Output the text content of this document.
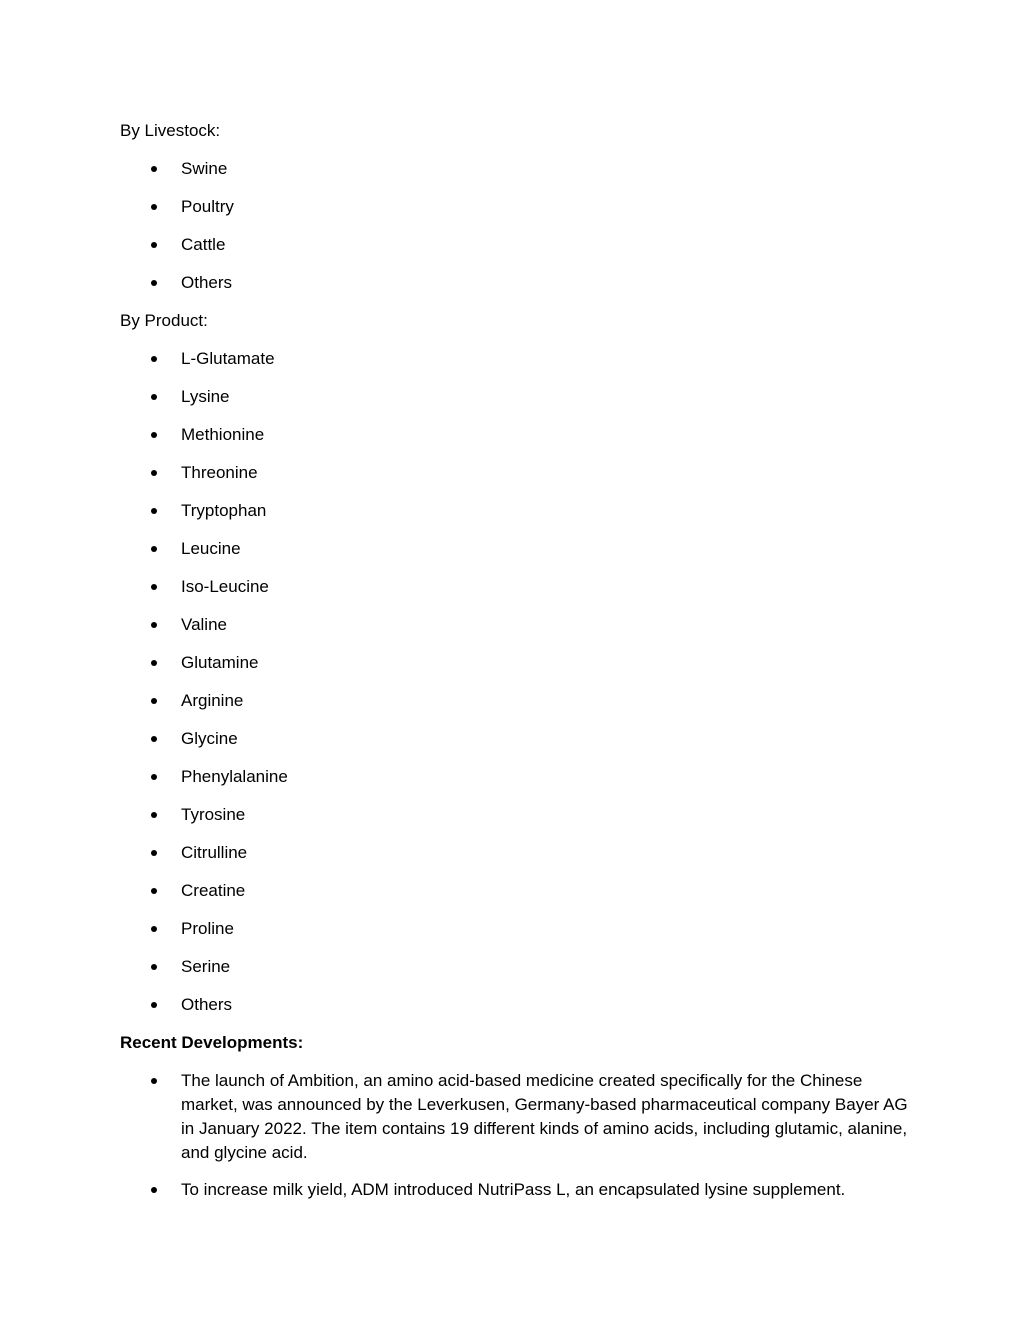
By Livestock:
Swine
Poultry
Cattle
Others
By Product:
L-Glutamate
Lysine
Methionine
Threonine
Tryptophan
Leucine
Iso-Leucine
Valine
Glutamine
Arginine
Glycine
Phenylalanine
Tyrosine
Citrulline
Creatine
Proline
Serine
Others
Recent Developments:
The launch of Ambition, an amino acid-based medicine created specifically for the Chinese market, was announced by the Leverkusen, Germany-based pharmaceutical company Bayer AG in January 2022. The item contains 19 different kinds of amino acids, including glutamic, alanine, and glycine acid.
To increase milk yield, ADM introduced NutriPass L, an encapsulated lysine supplement.
